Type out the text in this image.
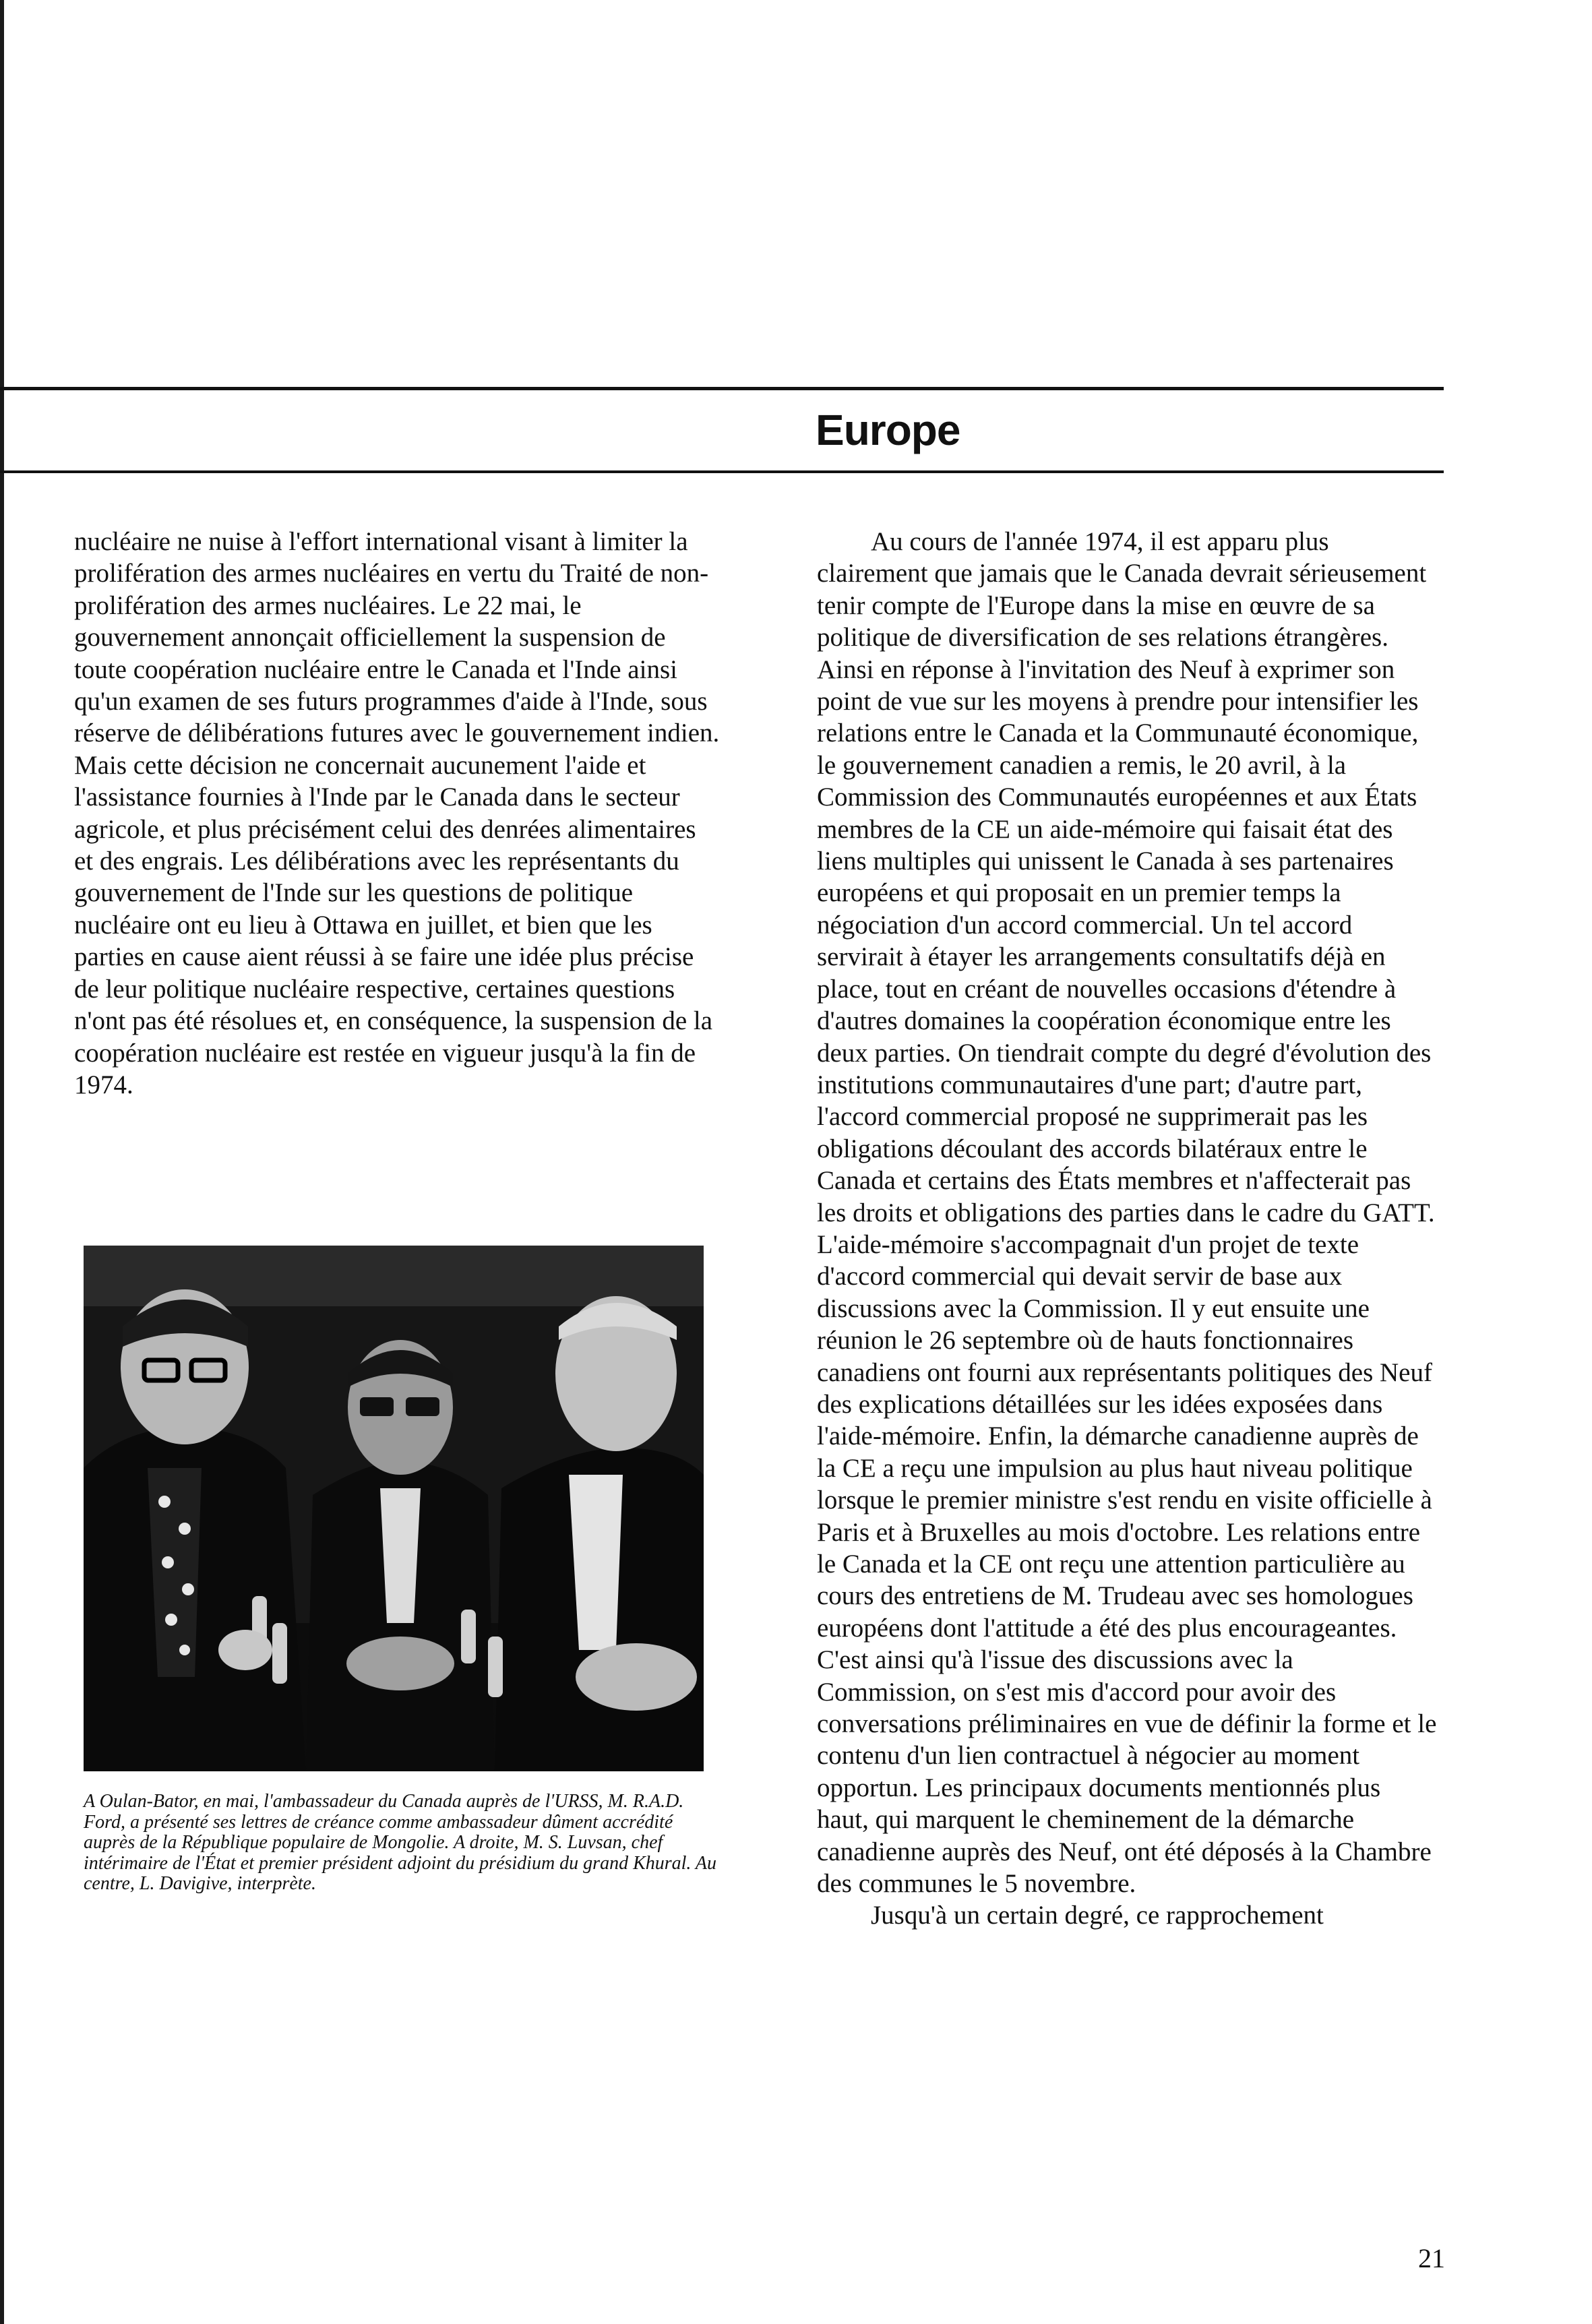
Europe

nucléaire ne nuise à l'effort international visant à limiter la prolifération des armes nucléaires en vertu du Traité de non-prolifération des armes nucléaires. Le 22 mai, le gouvernement annonçait officiellement la suspension de toute coopération nucléaire entre le Canada et l'Inde ainsi qu'un examen de ses futurs programmes d'aide à l'Inde, sous réserve de délibérations futures avec le gouvernement indien. Mais cette décision ne concernait aucunement l'aide et l'assistance fournies à l'Inde par le Canada dans le secteur agricole, et plus précisément celui des denrées alimentaires et des engrais. Les délibérations avec les représentants du gouvernement de l'Inde sur les questions de politique nucléaire ont eu lieu à Ottawa en juillet, et bien que les parties en cause aient réussi à se faire une idée plus précise de leur politique nucléaire respective, certaines questions n'ont pas été résolues et, en conséquence, la suspension de la coopération nucléaire est restée en vigueur jusqu'à la fin de 1974.

A Oulan-Bator, en mai, l'ambassadeur du Canada auprès de l'URSS, M. R.A.D. Ford, a présenté ses lettres de créance comme ambassadeur dûment accrédité auprès de la République populaire de Mongolie. A droite, M. S. Luvsan, chef intérimaire de l'État et premier président adjoint du présidium du grand Khural. Au centre, L. Davigive, interprète.

Au cours de l'année 1974, il est apparu plus clairement que jamais que le Canada devrait sérieusement tenir compte de l'Europe dans la mise en œuvre de sa politique de diversification de ses relations étrangères. Ainsi en réponse à l'invitation des Neuf à exprimer son point de vue sur les moyens à prendre pour intensifier les relations entre le Canada et la Communauté économique, le gouvernement canadien a remis, le 20 avril, à la Commission des Communautés européennes et aux États membres de la CE un aide-mémoire qui faisait état des liens multiples qui unissent le Canada à ses partenaires européens et qui proposait en un premier temps la négociation d'un accord commercial. Un tel accord servirait à étayer les arrangements consultatifs déjà en place, tout en créant de nouvelles occasions d'étendre à d'autres domaines la coopération économique entre les deux parties. On tiendrait compte du degré d'évolution des institutions communautaires d'une part; d'autre part, l'accord commercial proposé ne supprimerait pas les obligations découlant des accords bilatéraux entre le Canada et certains des États membres et n'affecterait pas les droits et obligations des parties dans le cadre du GATT. L'aide-mémoire s'accompagnait d'un projet de texte d'accord commercial qui devait servir de base aux discussions avec la Commission. Il y eut ensuite une réunion le 26 septembre où de hauts fonctionnaires canadiens ont fourni aux représentants politiques des Neuf des explications détaillées sur les idées exposées dans l'aide-mémoire. Enfin, la démarche canadienne auprès de la CE a reçu une impulsion au plus haut niveau politique lorsque le premier ministre s'est rendu en visite officielle à Paris et à Bruxelles au mois d'octobre. Les relations entre le Canada et la CE ont reçu une attention particulière au cours des entretiens de M. Trudeau avec ses homologues européens dont l'attitude a été des plus encourageantes. C'est ainsi qu'à l'issue des discussions avec la Commission, on s'est mis d'accord pour avoir des conversations préliminaires en vue de définir la forme et le contenu d'un lien contractuel à négocier au moment opportun. Les principaux documents mentionnés plus haut, qui marquent le cheminement de la démarche canadienne auprès des Neuf, ont été déposés à la Chambre des communes le 5 novembre.
Jusqu'à un certain degré, ce rapprochement

21
